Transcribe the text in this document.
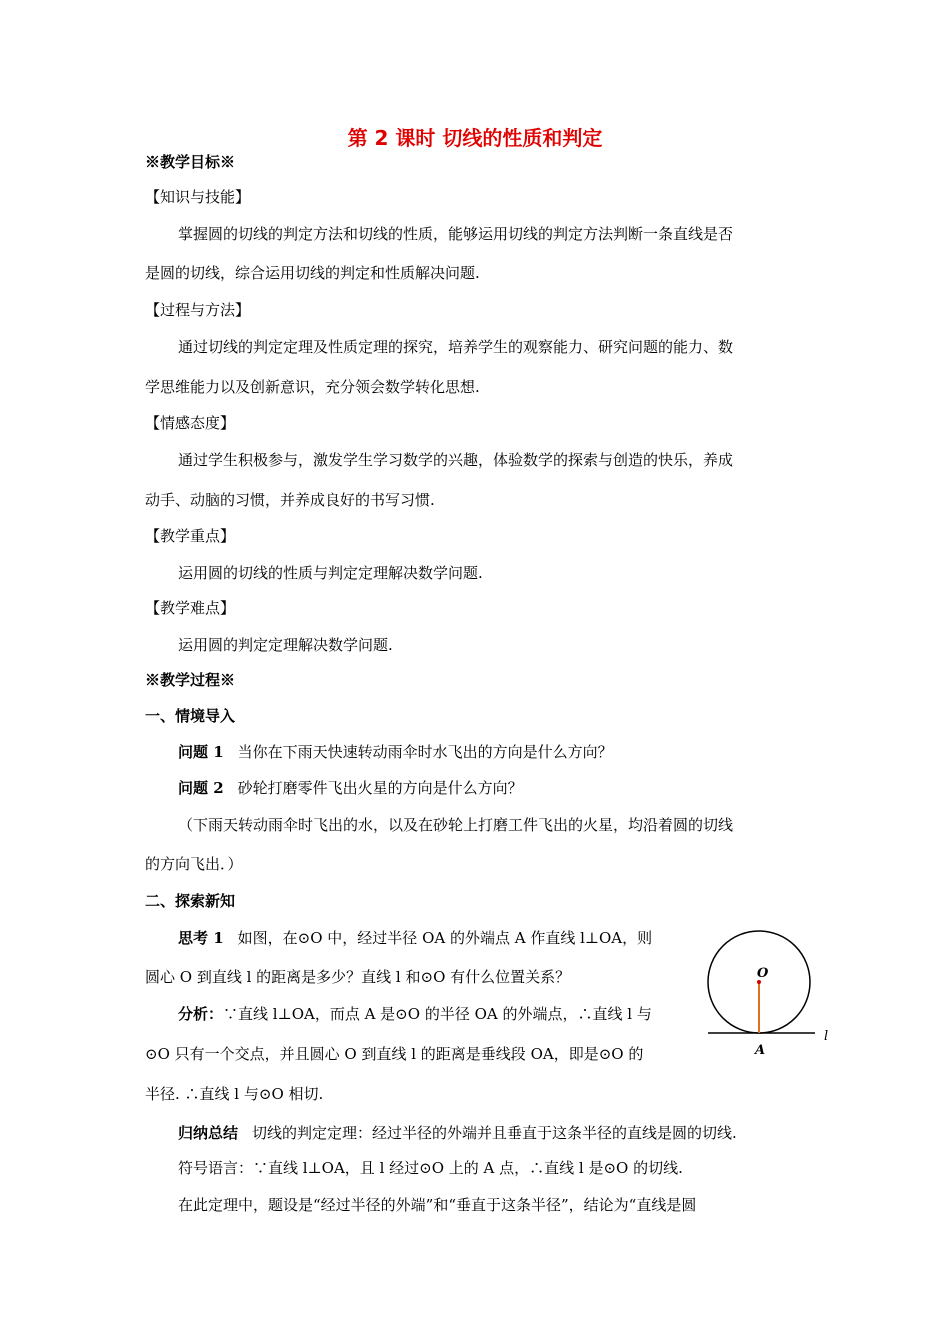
第 2 课时 切线的性质和判定
※教学目标※
【知识与技能】
掌握圆的切线的判定方法和切线的性质，能够运用切线的判定方法判断一条直线是否
是圆的切线，综合运用切线的判定和性质解决问题.
【过程与方法】
通过切线的判定定理及性质定理的探究，培养学生的观察能力、研究问题的能力、数
学思维能力以及创新意识，充分领会数学转化思想.
【情感态度】
通过学生积极参与，激发学生学习数学的兴趣，体验数学的探索与创造的快乐，养成
动手、动脑的习惯，并养成良好的书写习惯.
【教学重点】
运用圆的切线的性质与判定定理解决数学问题.
【教学难点】
运用圆的判定定理解决数学问题.
※教学过程※
一、情境导入
问题 1 当你在下雨天快速转动雨伞时水飞出的方向是什么方向？
问题 2 砂轮打磨零件飞出火星的方向是什么方向？
（下雨天转动雨伞时飞出的水，以及在砂轮上打磨工件飞出的火星，均沿着圆的切线
的方向飞出．）
二、探索新知
思考 1 如图，在⊙O 中，经过半径 OA 的外端点 A 作直线 l⊥OA，则
圆心 O 到直线 l 的距离是多少？直线 l 和⊙O 有什么位置关系？
分析：∵直线 l⊥OA，而点 A 是⊙O 的半径 OA 的外端点，∴直线 l 与
⊙O 只有一个交点，并且圆心 O 到直线 l 的距离是垂线段 OA，即是⊙O 的
半径. ∴直线 l 与⊙O 相切.
归纳总结 切线的判定定理：经过半径的外端并且垂直于这条半径的直线是圆的切线.
符号语言：∵直线 l⊥OA，且 l 经过⊙O 上的 A 点，∴直线 l 是⊙O 的切线.
在此定理中，题设是“经过半径的外端”和“垂直于这条半径”，结论为“直线是圆
O
A
l
